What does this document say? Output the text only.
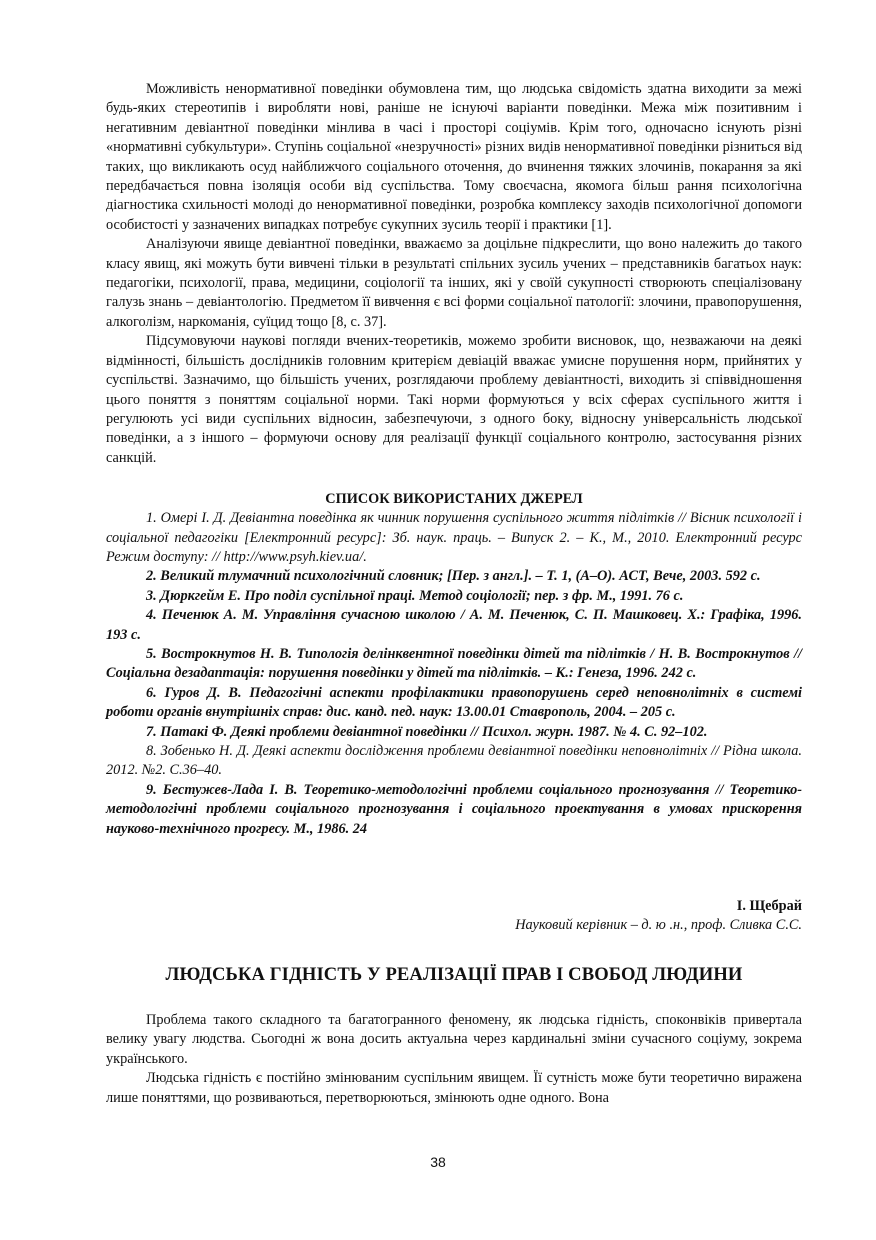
Можливість ненормативної поведінки обумовлена тим, що людська свідомість здатна виходити за межі будь-яких стереотипів і виробляти нові, раніше не існуючі варіанти поведінки. Межа між позитивним і негативним девіантної поведінки мінлива в часі і просторі соціумів. Крім того, одночасно існують різні «нормативні субкультури». Ступінь соціальної «незручності» різних видів ненормативної поведінки різниться від таких, що викликають осуд найближчого соціального оточення, до вчинення тяжких злочинів, покарання за які передбачається повна ізоляція особи від суспільства. Тому своєчасна, якомога більш рання психологічна діагностика схильності молоді до ненормативної поведінки, розробка комплексу заходів психологічної допомоги особистості у зазначених випадках потребує сукупних зусиль теорії і практики [1].

Аналізуючи явище девіантної поведінки, вважаємо за доцільне підкреслити, що воно належить до такого класу явищ, які можуть бути вивчені тільки в результаті спільних зусиль учених – представників багатьох наук: педагогіки, психології, права, медицини, соціології та інших, які у своїй сукупності створюють спеціалізовану галузь знань – девіантологію. Предметом її вивчення є всі форми соціальної патології: злочини, правопорушення, алкоголізм, наркоманія, суїцид тощо [8, с. 37].

Підсумовуючи наукові погляди вчених-теоретиків, можемо зробити висновок, що, незважаючи на деякі відмінності, більшість дослідників головним критерієм девіацій вважає умисне порушення норм, прийнятих у суспільстві. Зазначимо, що більшість учених, розглядаючи проблему девіантності, виходить зі співвідношення цього поняття з поняттям соціальної норми. Такі норми формуються у всіх сферах суспільного життя і регулюють усі види суспільних відносин, забезпечуючи, з одного боку, відносну універсальність людської поведінки, а з іншого – формуючи основу для реалізації функції соціального контролю, застосування різних санкцій.

СПИСОК ВИКОРИСТАНИХ ДЖЕРЕЛ

1. Омері І. Д. Девіантна поведінка як чинник порушення суспільного життя підлітків // Вісник психології і соціальної педагогіки [Електронний ресурс]: Зб. наук. праць. – Випуск 2. – К., М., 2010. Електронний ресурс Режим доступу: // http://www.psyh.kiev.ua/.

2. Великий тлумачний психологічний словник; [Пер. з англ.]. – Т. 1, (А–О). АСТ, Вече, 2003. 592 с.

3. Дюркгейм Е. Про поділ суспільної праці. Метод соціології; пер. з фр. М., 1991. 76 с.

4. Печенюк А. М. Управління сучасною школою / А. М. Печенюк, С. П. Машковец. Х.: Графіка, 1996. 193 с.

5. Вострокнутов Н. В. Типологія делінквентної поведінки дітей та підлітків / Н. В. Вострокнутов // Соціальна дезадаптація: порушення поведінки у дітей та підлітків. – К.: Генеза, 1996. 242 с.

6. Гуров Д. В. Педагогічні аспекти профілактики правопорушень серед неповнолітніх в системі роботи органів внутрішніх справ: дис. канд. пед. наук: 13.00.01 Ставрополь, 2004. – 205 с.

7. Патакі Ф. Деякі проблеми девіантної поведінки // Психол. журн. 1987. № 4. С. 92–102.

8. Зобенько Н. Д. Деякі аспекти дослідження проблеми девіантної поведінки неповнолітніх // Рідна школа. 2012. №2. С.36–40.

9. Бестужев-Лада І. В. Теоретико-методологічні проблеми соціального прогнозування // Теоретико-методологічні проблеми соціального прогнозування і соціального проектування в умовах прискорення науково-технічного прогресу. М., 1986. 24

І. Щебрай
Науковий керівник – д. ю .н., проф. Сливка С.С.
ЛЮДСЬКА ГІДНІСТЬ У РЕАЛІЗАЦІЇ ПРАВ І СВОБОД ЛЮДИНИ

Проблема такого складного та багатогранного феномену, як людська гідність, споконвіків привертала велику увагу людства. Сьогодні ж вона досить актуальна через кардинальні зміни сучасного соціуму, зокрема українського.

Людська гідність є постійно змінюваним суспільним явищем. Її сутність може бути теоретично виражена лише поняттями, що розвиваються, перетворюються, змінюють одне одного. Вона

38
